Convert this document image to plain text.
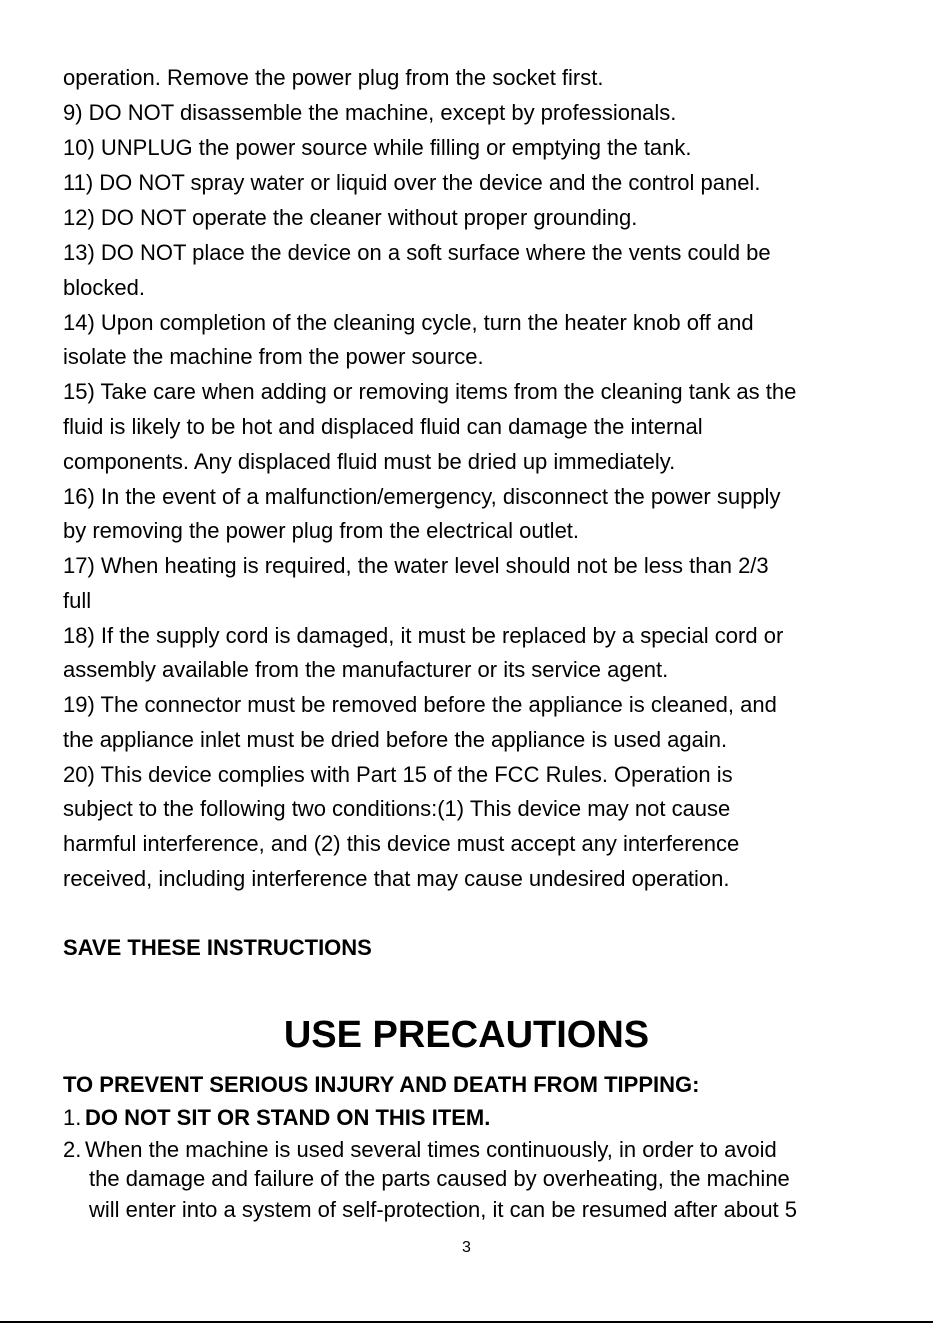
operation. Remove the power plug from the socket first.

9) DO NOT disassemble the machine, except by professionals.

10) UNPLUG the power source while filling or emptying the tank.

11) DO NOT spray water or liquid over the device and the control panel.

12) DO NOT operate the cleaner without proper grounding.

13) DO NOT place the device on a soft surface where the vents could be

blocked.

14) Upon completion of the cleaning cycle, turn the heater knob off and

isolate the machine from the power source.

15) Take care when adding or removing items from the cleaning tank as the

fluid is likely to be hot and displaced fluid can damage the internal

components. Any displaced fluid must be dried up immediately.

16) In the event of a malfunction/emergency, disconnect the power supply

by removing the power plug from the electrical outlet.

17) When heating is required, the water level should not be less than 2/3

full

18) If the supply cord is damaged, it must be replaced by a special cord or

assembly available from the manufacturer or its service agent.

19) The connector must be removed before the appliance is cleaned, and

the appliance inlet must be dried before the appliance is used again.

20) This device complies with Part 15 of the FCC Rules. Operation is

subject to the following two conditions:(1) This device may not cause

harmful interference, and (2) this device must accept any interference

received, including interference that may cause undesired operation.

SAVE THESE INSTRUCTIONS

USE PRECAUTIONS

TO PREVENT SERIOUS INJURY AND DEATH FROM TIPPING:

1. DO NOT SIT OR STAND ON THIS ITEM.

2. When the machine is used several times continuously, in order to avoid

the damage and failure of the parts caused by overheating, the machine

will enter into a system of self-protection, it can be resumed after about 5

3
